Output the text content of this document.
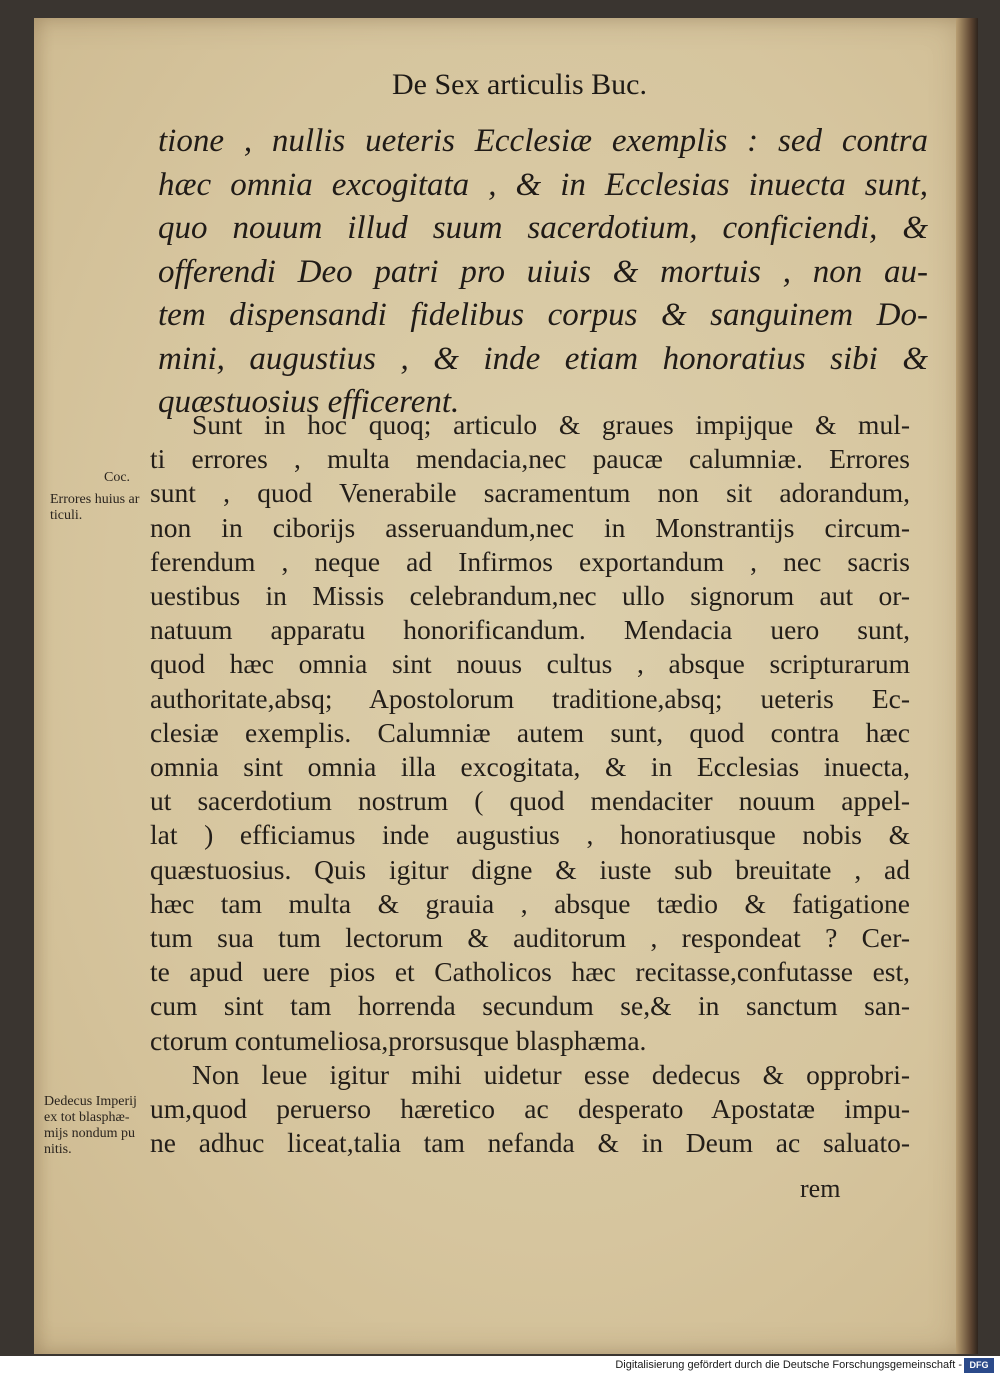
De Sex articulis Buc.
tione , nullis ueteris Ecclesiæ exemplis : sed contra
hæc omnia excogitata , & in Ecclesias inuecta sunt,
quo nouum illud suum sacerdotium, conficiendi, &
offerendi Deo patri pro uiuis & mortuis , non au-
tem dispensandi fidelibus corpus & sanguinem Do-
mini, augustius , & inde etiam honoratius sibi &
quæstuosius efficerent.
Sunt in hoc quoq; articulo & graues impijque & mul-
ti errores , multa mendacia,nec paucæ calumniæ. Errores
sunt , quod Venerabile sacramentum non sit adorandum,
non in ciborijs asseruandum,nec in Monstrantijs circum-
ferendum , neque ad Infirmos exportandum , nec sacris
uestibus in Missis celebrandum,nec ullo signorum aut or-
natuum apparatu honorificandum. Mendacia uero sunt,
quod hæc omnia sint nouus cultus , absque scripturarum
authoritate,absq; Apostolorum traditione,absq; ueteris Ec-
clesiæ exemplis. Calumniæ autem sunt, quod contra hæc
omnia sint omnia illa excogitata, & in Ecclesias inuecta,
ut sacerdotium nostrum ( quod mendaciter nouum appel-
lat ) efficiamus inde augustius , honoratiusque nobis &
quæstuosius. Quis igitur digne & iuste sub breuitate , ad
hæc tam multa & grauia , absque tædio & fatigatione
tum sua tum lectorum & auditorum , respondeat ? Cer-
te apud uere pios et Catholicos hæc recitasse,confutasse est,
cum sint tam horrenda secundum se,& in sanctum san-
ctorum contumeliosa,prorsusque blasphæma.
Non leue igitur mihi uidetur esse dedecus & opprobri-
um,quod peruerso hæretico ac desperato Apostatæ impu-
ne adhuc liceat,talia tam nefanda & in Deum ac saluato-
Coc.
Errores huius ar
ticuli.
Dedecus Imperij
ex tot blasphæ-
mijs nondum pu
nitis.
rem
Digitalisierung gefördert durch die Deutsche Forschungsgemeinschaft - DFG
